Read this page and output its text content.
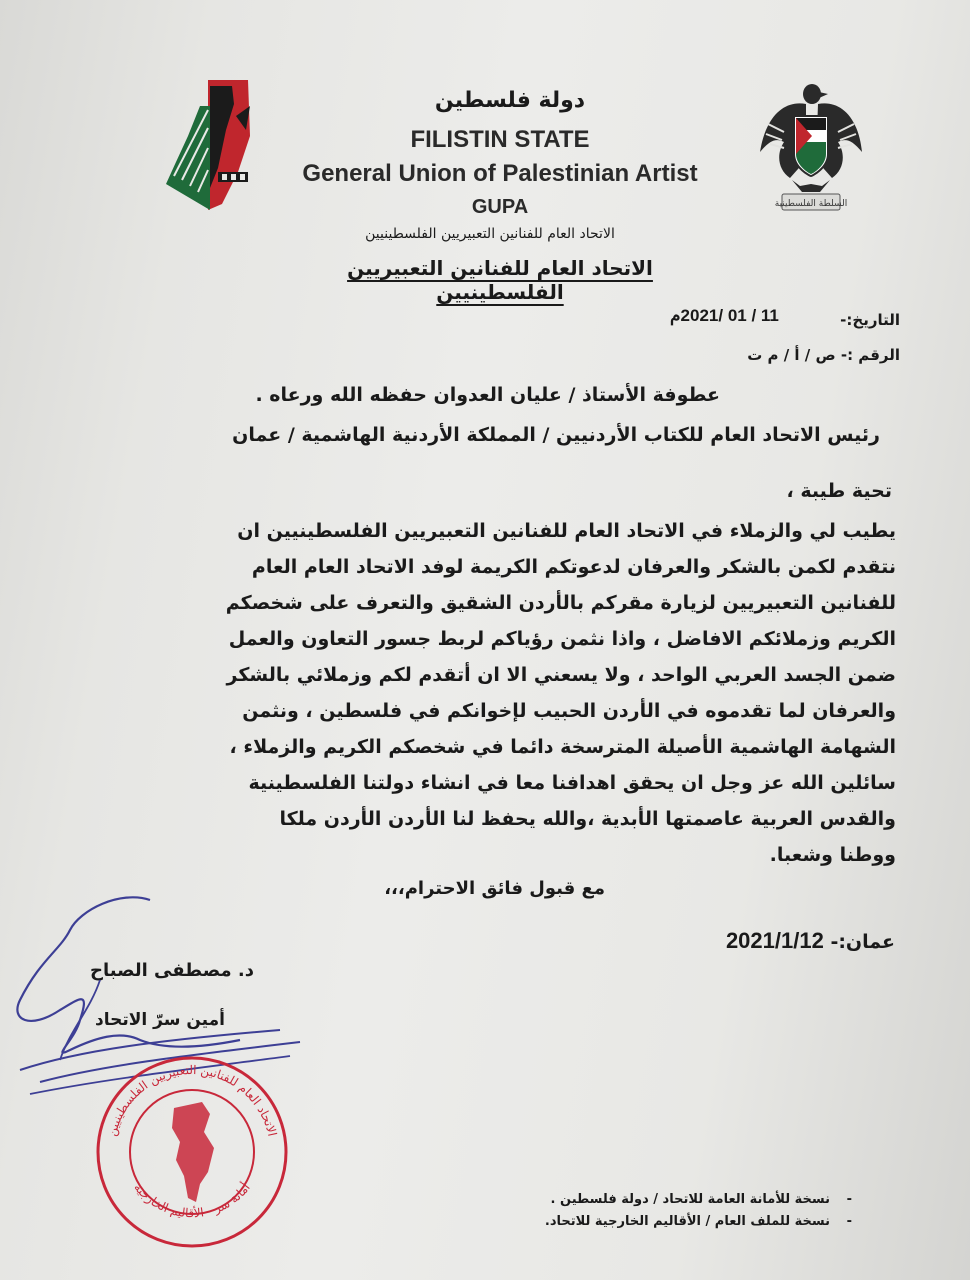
السلطة الفلسطينية
دولة فلسطين
FILISTIN STATE
General Union of Palestinian Artist
GUPA
الاتحاد العام للفنانين التعبيريين الفلسطينيين
الاتحاد العام للفنانين التعبيريين الفلسطينيين
التاريخ:-
11 / 01 /2021م
الرقم :- ص / أ / م ت
عطوفة الأستاذ / عليان العدوان حفظه الله ورعاه .
رئيس الاتحاد العام للكتاب الأردنيين / المملكة الأردنية الهاشمية / عمان
تحية طيبة ،
يطيب لي والزملاء في الاتحاد العام للفنانين التعبيريين الفلسطينيين ان
نتقدم لكمن بالشكر والعرفان لدعوتكم الكريمة لوفد الاتحاد العام العام
للفنانين التعبيريين لزيارة مقركم بالأردن الشقيق والتعرف على شخصكم
الكريم وزملائكم الافاضل ، واذا نثمن رؤياكم لربط جسور التعاون والعمل
ضمن الجسد العربي الواحد ، ولا يسعني الا ان أتقدم لكم وزملائي بالشكر
والعرفان لما تقدموه في الأردن الحبيب لإخوانكم في فلسطين ، ونثمن
الشهامة الهاشمية الأصيلة المترسخة دائما في شخصكم الكريم والزملاء ،
سائلين الله عز وجل ان يحقق اهدافنا معا في انشاء دولتنا الفلسطينية
والقدس العربية عاصمتها الأبدية ،والله يحفظ لنا الأردن الأردن ملكا
ووطنا وشعبا.
مع قبول فائق الاحترام،،،
عمان:- 2021/1/12
د. مصطفى الصباح
أمين سرّ الاتحاد
الاتحاد العام للفنانين التعبيريين الفلسطينيين
أمانة سر - الأقاليم الخارجية
نسخة للأمانة العامة للاتحاد / دولة فلسطين . -
نسخة للملف العام / الأقاليم الخارجية للاتحاد. -
